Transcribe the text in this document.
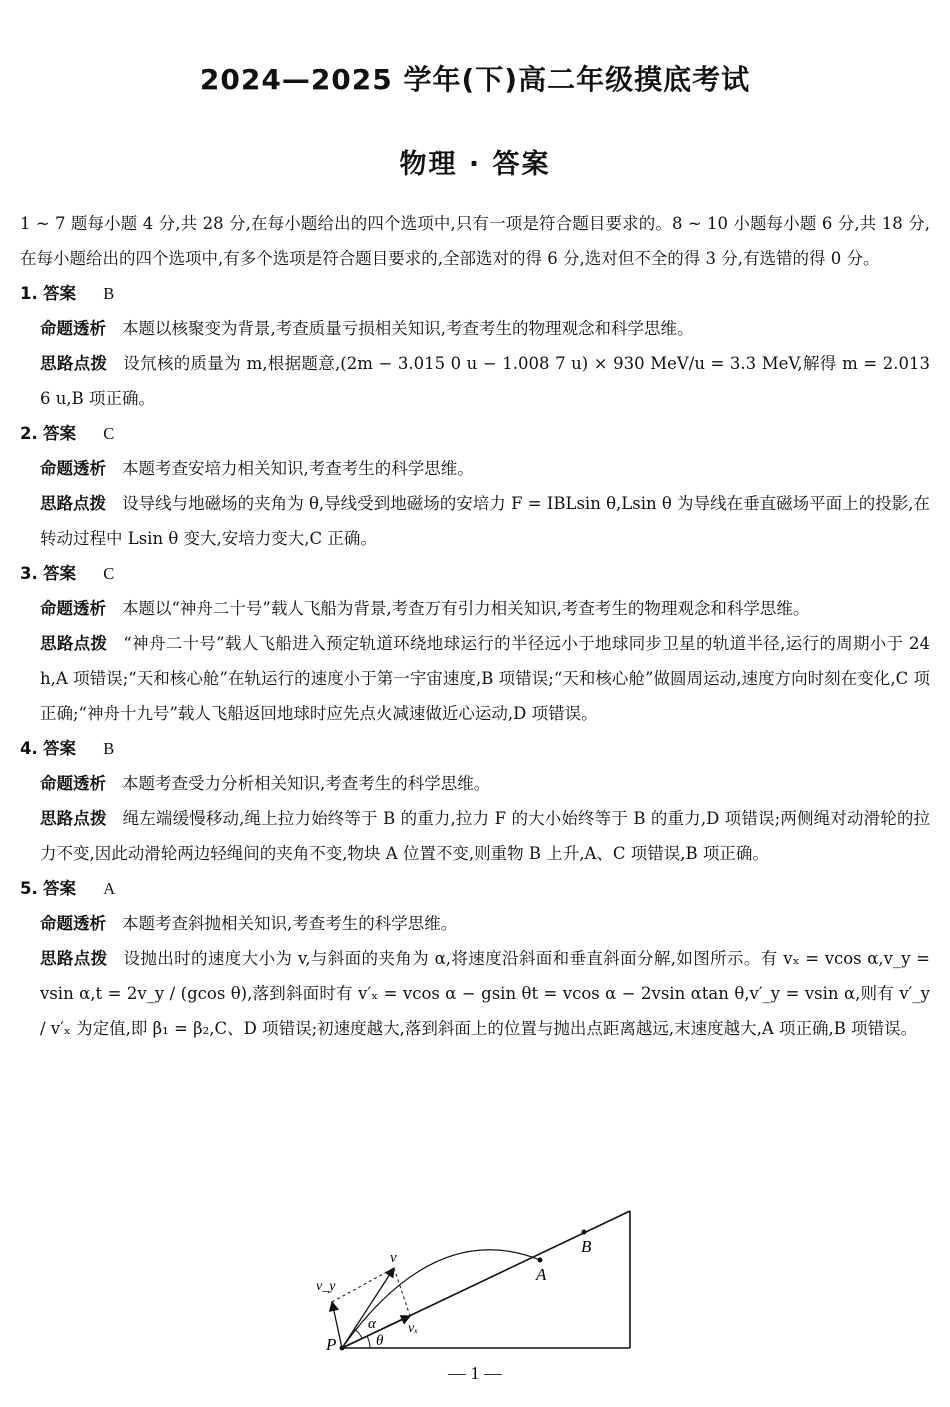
2024—2025 学年(下)高二年级摸底考试
物理 · 答案

1 ~ 7 题每小题 4 分,共 28 分,在每小题给出的四个选项中,只有一项是符合题目要求的。8 ~ 10 小题每小题 6 分,共 18 分,在每小题给出的四个选项中,有多个选项是符合题目要求的,全部选对的得 6 分,选对但不全的得 3 分,有选错的得 0 分。

1. 答案 B

命题透析 本题以核聚变为背景,考查质量亏损相关知识,考查考生的物理观念和科学思维。

思路点拨 设氘核的质量为 m,根据题意,(2m − 3.015 0 u − 1.008 7 u) × 930 MeV/u = 3.3 MeV,解得 m = 2.013 6 u,B 项正确。

2. 答案 C

命题透析 本题考查安培力相关知识,考查考生的科学思维。

思路点拨 设导线与地磁场的夹角为 θ,导线受到地磁场的安培力 F = IBLsin θ,Lsin θ 为导线在垂直磁场平面上的投影,在转动过程中 Lsin θ 变大,安培力变大,C 正确。

3. 答案 C

命题透析 本题以“神舟二十号”载人飞船为背景,考查万有引力相关知识,考查考生的物理观念和科学思维。

思路点拨 “神舟二十号”载人飞船进入预定轨道环绕地球运行的半径远小于地球同步卫星的轨道半径,运行的周期小于 24 h,A 项错误;“天和核心舱”在轨运行的速度小于第一宇宙速度,B 项错误;“天和核心舱”做圆周运动,速度方向时刻在变化,C 项正确;“神舟十九号”载人飞船返回地球时应先点火减速做近心运动,D 项错误。

4. 答案 B

命题透析 本题考查受力分析相关知识,考查考生的科学思维。

思路点拨 绳左端缓慢移动,绳上拉力始终等于 B 的重力,拉力 F 的大小始终等于 B 的重力,D 项错误;两侧绳对动滑轮的拉力不变,因此动滑轮两边轻绳间的夹角不变,物块 A 位置不变,则重物 B 上升,A、C 项错误,B 项正确。

5. 答案 A

命题透析 本题考查斜抛相关知识,考查考生的科学思维。

思路点拨 设抛出时的速度大小为 v,与斜面的夹角为 α,将速度沿斜面和垂直斜面分解,如图所示。有 vₓ = vcos α,v_y = vsin α,t = 2v_y / (gcos θ),落到斜面时有 v′ₓ = vcos α − gsin θt = vcos α − 2vsin αtan θ,v′_y = vsin α,则有 v′_y / v′ₓ 为定值,即 β₁ = β₂,C、D 项错误;初速度越大,落到斜面上的位置与抛出点距离越远,末速度越大,A 项正确,B 项错误。

P
A
B
v
vₓ
v_y
α
θ
— 1 —
